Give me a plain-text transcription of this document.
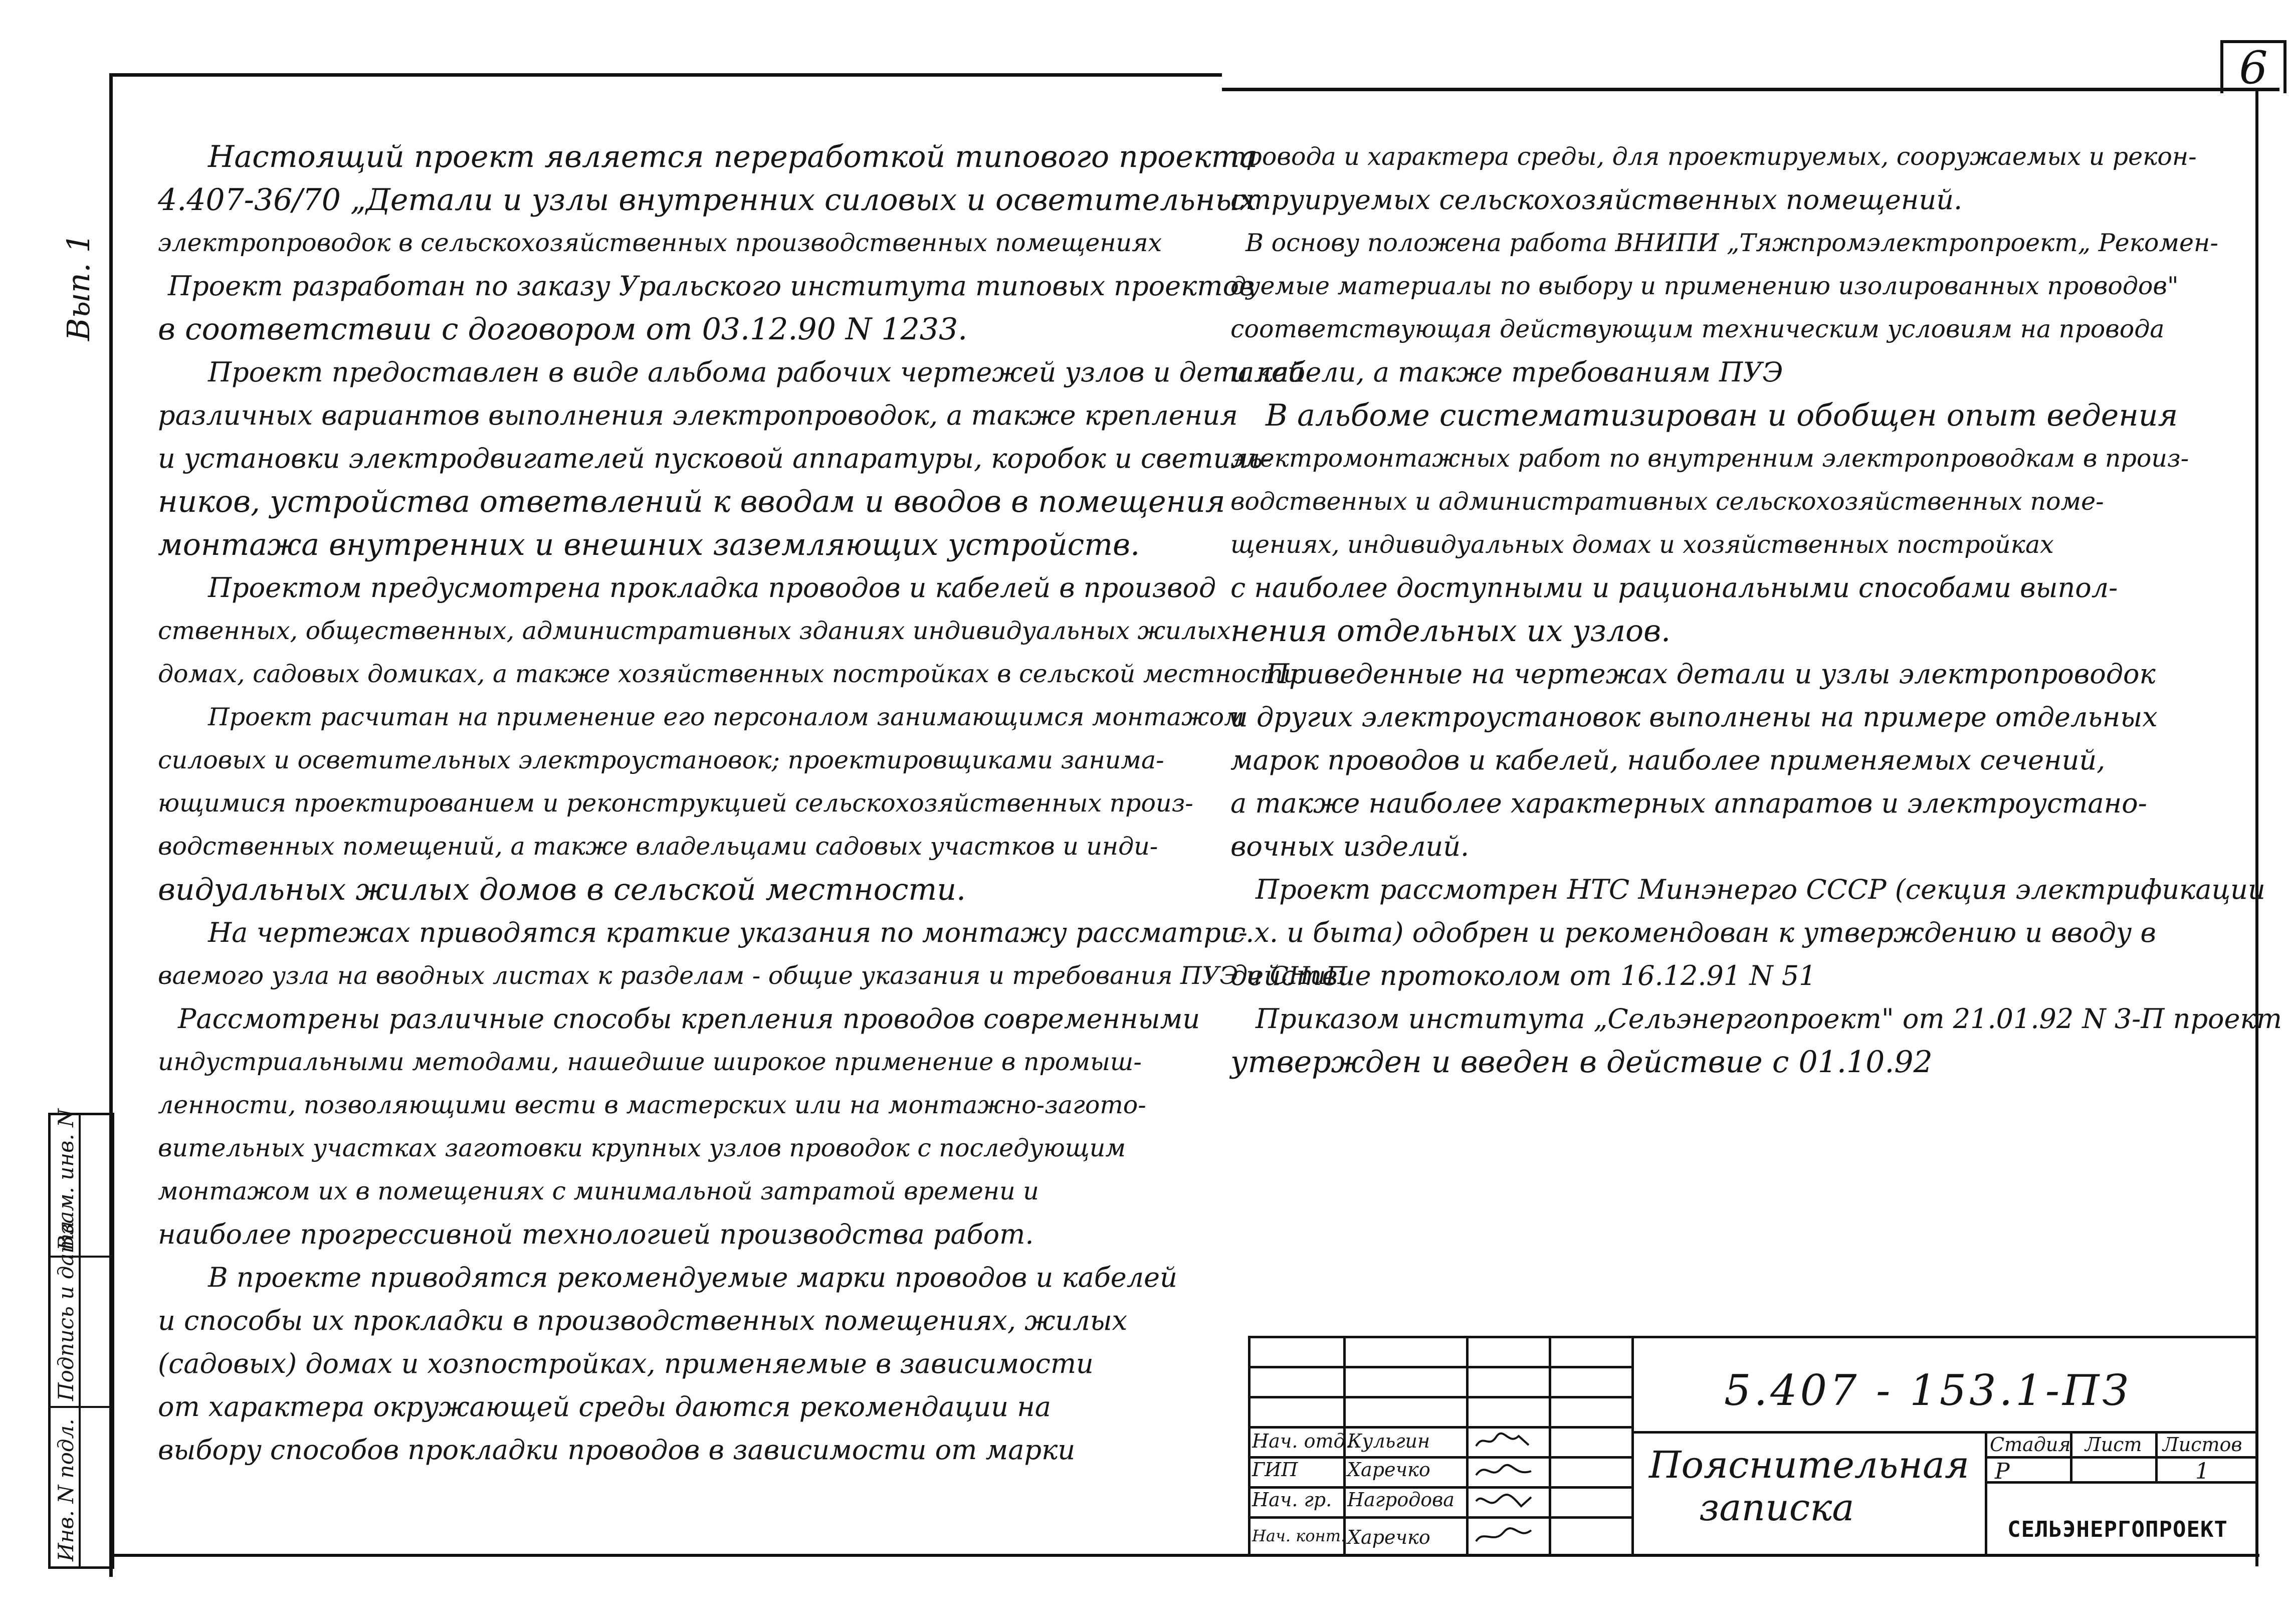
6
Вып. 1
Инв. N подл.
Подпись и дата
Взам. инв. N
Настоящий проект является переработкой типового проекта
4.407-36/70 „Детали и узлы внутренних силовых и осветительных
электропроводок в сельскохозяйственных производственных помещениях
Проект разработан по заказу Уральского института типовых проектов
в соответствии с договором от 03.12.90 N 1233.
Проект предоставлен в виде альбома рабочих чертежей узлов и деталей
различных вариантов выполнения электропроводок, а также крепления
и установки электродвигателей пусковой аппаратуры, коробок и светиль-
ников, устройства ответвлений к вводам и вводов в помещения
монтажа внутренних и внешних заземляющих устройств.
Проектом предусмотрена прокладка проводов и кабелей в производ
ственных, общественных, административных зданиях индивидуальных жилых
домах, садовых домиках, а также хозяйственных постройках в сельской местности.
Проект расчитан на применение его персоналом занимающимся монтажом
силовых и осветительных электроустановок; проектировщиками занима-
ющимися проектированием и реконструкцией сельскохозяйственных произ-
водственных помещений, а также владельцами садовых участков и инди-
видуальных жилых домов в сельской местности.
На чертежах приводятся краткие указания по монтажу рассматри-
ваемого узла на вводных листах к разделам - общие указания и требования ПУЭ и СНиП
Рассмотрены различные способы крепления проводов современными
индустриальными методами, нашедшие широкое применение в промыш-
ленности, позволяющими вести в мастерских или на монтажно-загото-
вительных участках заготовки крупных узлов проводок с последующим
монтажом их в помещениях с минимальной затратой времени и
наиболее прогрессивной технологией производства работ.
В проекте приводятся рекомендуемые марки проводов и кабелей
и способы их прокладки в производственных помещениях, жилых
(садовых) домах и хозпостройках, применяемые в зависимости
от характера окружающей среды даются рекомендации на
выбору способов прокладки проводов в зависимости от марки
провода и характера среды, для проектируемых, сооружаемых и рекон-
струируемых сельскохозяйственных помещений.
В основу положена работа ВНИПИ „Тяжпромэлектропроект„ Рекомен-
дуемые материалы по выбору и применению изолированных проводов"
соответствующая действующим техническим условиям на провода
и кабели, а также требованиям ПУЭ
В альбоме систематизирован и обобщен опыт ведения
электромонтажных работ по внутренним электропроводкам в произ-
водственных и административных сельскохозяйственных поме-
щениях, индивидуальных домах и хозяйственных постройках
с наиболее доступными и рациональными способами выпол-
нения отдельных их узлов.
Приведенные на чертежах детали и узлы электропроводок
и других электроустановок выполнены на примере отдельных
марок проводов и кабелей, наиболее применяемых сечений,
а также наиболее характерных аппаратов и электроустано-
вочных изделий.
Проект рассмотрен НТС Минэнерго СССР (секция электрификации
с.х. и быта) одобрен и рекомендован к утверждению и вводу в
действие протоколом от 16.12.91 N 51
Приказом института „Сельэнергопроект" от 21.01.92 N 3-П проект
утвержден и введен в действие с 01.10.92
Нач. отд.
Кульгин
ГИП	Харечко
Нач. гр. Нагродова
Нач. конт. Харечко
5.407 - 153.1-ПЗ
Пояснительная
записка
Стадия Лист Листов
Р	1
СЕЛЬЭНЕРГОПРОЕКТ
